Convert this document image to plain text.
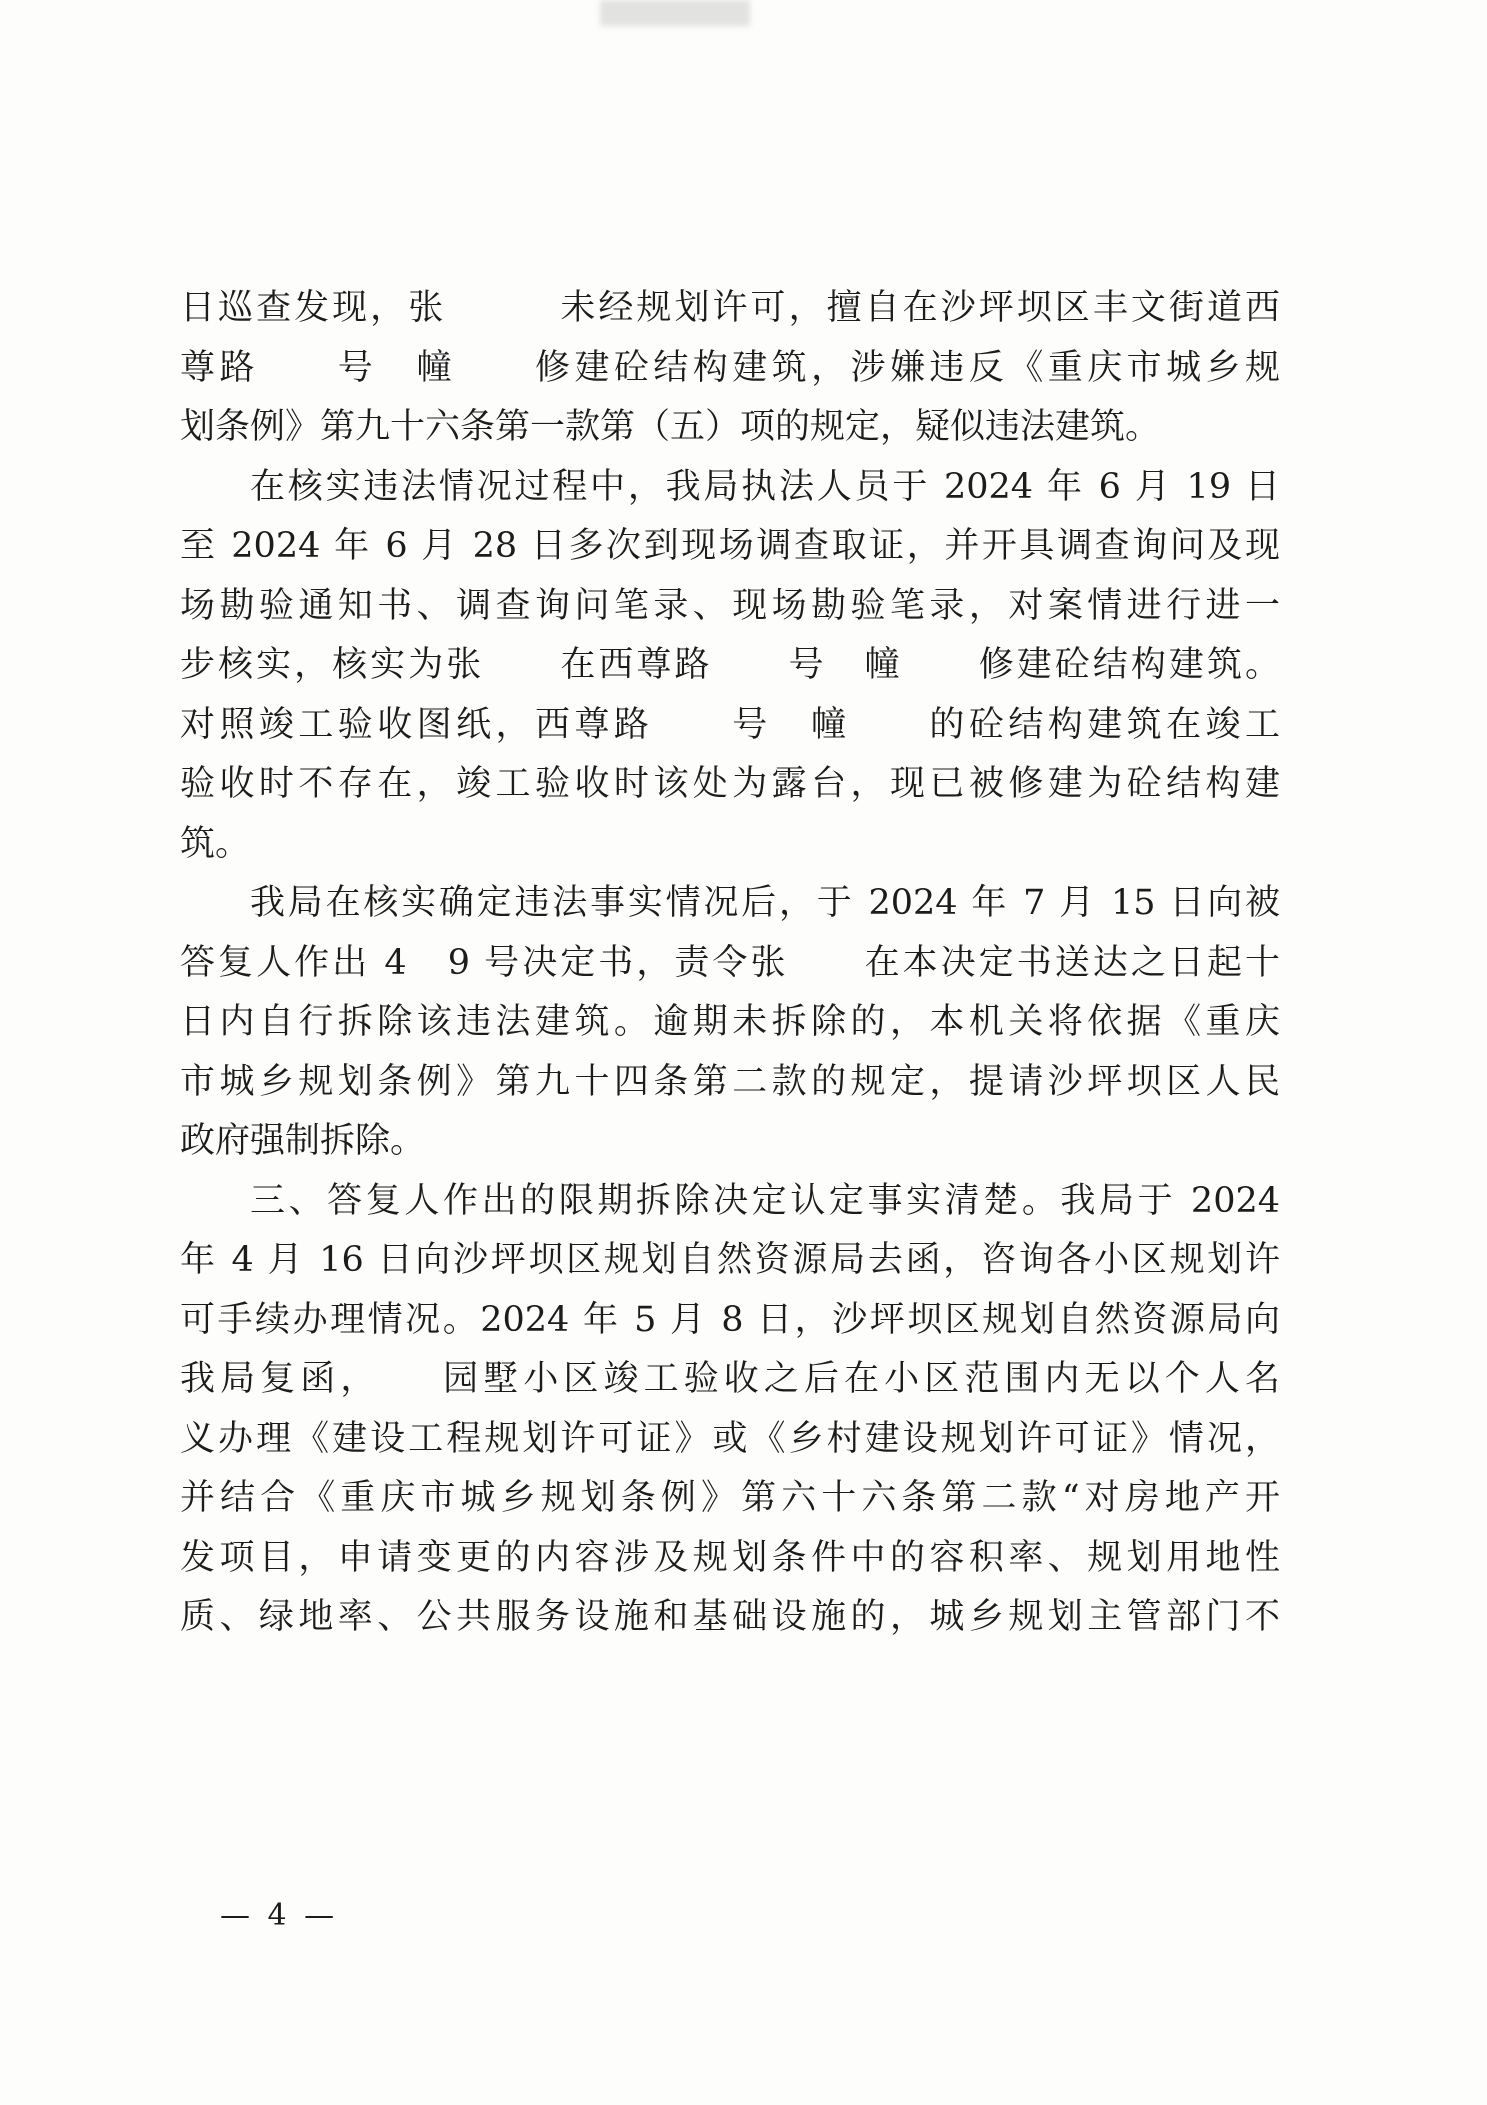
日巡查发现，张　　　未经规划许可，擅自在沙坪坝区丰文街道西
尊路　　号　幢　　修建砼结构建筑，涉嫌违反《重庆市城乡规
划条例》第九十六条第一款第（五）项的规定，疑似违法建筑。
在核实违法情况过程中，我局执法人员于 2024 年 6 月 19 日
至 2024 年 6 月 28 日多次到现场调查取证，并开具调查询问及现
场勘验通知书、调查询问笔录、现场勘验笔录，对案情进行进一
步核实，核实为张　　在西尊路　　号　幢　　修建砼结构建筑。
对照竣工验收图纸，西尊路　　号　幢　　的砼结构建筑在竣工
验收时不存在，竣工验收时该处为露台，现已被修建为砼结构建
筑。
我局在核实确定违法事实情况后，于 2024 年 7 月 15 日向被
答复人作出 4　9 号决定书，责令张　　在本决定书送达之日起十
日内自行拆除该违法建筑。逾期未拆除的，本机关将依据《重庆
市城乡规划条例》第九十四条第二款的规定，提请沙坪坝区人民
政府强制拆除。
三、答复人作出的限期拆除决定认定事实清楚。我局于 2024
年 4 月 16 日向沙坪坝区规划自然资源局去函，咨询各小区规划许
可手续办理情况。2024 年 5 月 8 日，沙坪坝区规划自然资源局向
我局复函，　　园墅小区竣工验收之后在小区范围内无以个人名
义办理《建设工程规划许可证》或《乡村建设规划许可证》情况，
并结合《重庆市城乡规划条例》第六十六条第二款“对房地产开
发项目，申请变更的内容涉及规划条件中的容积率、规划用地性
质、绿地率、公共服务设施和基础设施的，城乡规划主管部门不
— 4 —
